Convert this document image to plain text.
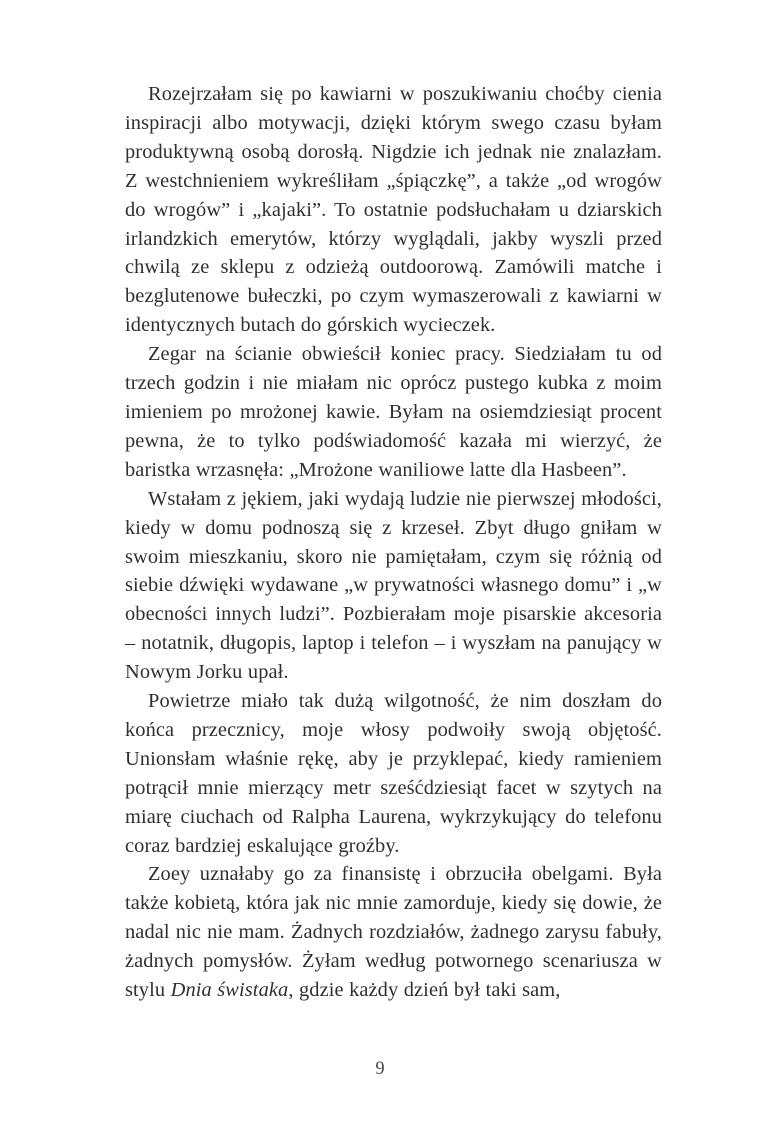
Rozejrzałam się po kawiarni w poszukiwaniu choćby cienia inspiracji albo motywacji, dzięki którym swego czasu byłam produktywną osobą dorosłą. Nigdzie ich jednak nie znalazłam. Z westchnieniem wykreśliłam „śpiączkę”, a także „od wrogów do wrogów” i „kajaki”. To ostatnie podsłuchałam u dziarskich irlandzkich emerytów, którzy wyglądali, jakby wyszli przed chwilą ze sklepu z odzieżą outdoorową. Zamówili matche i bezglutenowe bułeczki, po czym wymaszerowali z kawiarni w identycznych butach do górskich wycieczek.

Zegar na ścianie obwieścił koniec pracy. Siedziałam tu od trzech godzin i nie miałam nic oprócz pustego kubka z moim imieniem po mrożonej kawie. Byłam na osiemdziesiąt procent pewna, że to tylko podświadomość kazała mi wierzyć, że baristka wrzasnęła: „Mrożone waniliowe latte dla Hasbeen”.

Wstałam z jękiem, jaki wydają ludzie nie pierwszej młodości, kiedy w domu podnoszą się z krzeseł. Zbyt długo gniłam w swoim mieszkaniu, skoro nie pamiętałam, czym się różnią od siebie dźwięki wydawane „w prywatności własnego domu” i „w obecności innych ludzi”. Pozbierałam moje pisarskie akcesoria – notatnik, długopis, laptop i telefon – i wyszłam na panujący w Nowym Jorku upał.

Powietrze miało tak dużą wilgotność, że nim doszłam do końca przecznicy, moje włosy podwoiły swoją objętość. Unionsłam właśnie rękę, aby je przyklepać, kiedy ramieniem potrącił mnie mierzący metr sześćdziesiąt facet w szytych na miarę ciuchach od Ralpha Laurena, wykrzykujący do telefonu coraz bardziej eskalujące groźby.

Zoey uznałaby go za finansistę i obrzuciła obelgami. Była także kobietą, która jak nic mnie zamorduje, kiedy się dowie, że nadal nic nie mam. Żadnych rozdziałów, żadnego zarysu fabuły, żadnych pomysłów. Żyłam według potwornego scenariusza w stylu Dnia świstaka, gdzie każdy dzień był taki sam,

9
